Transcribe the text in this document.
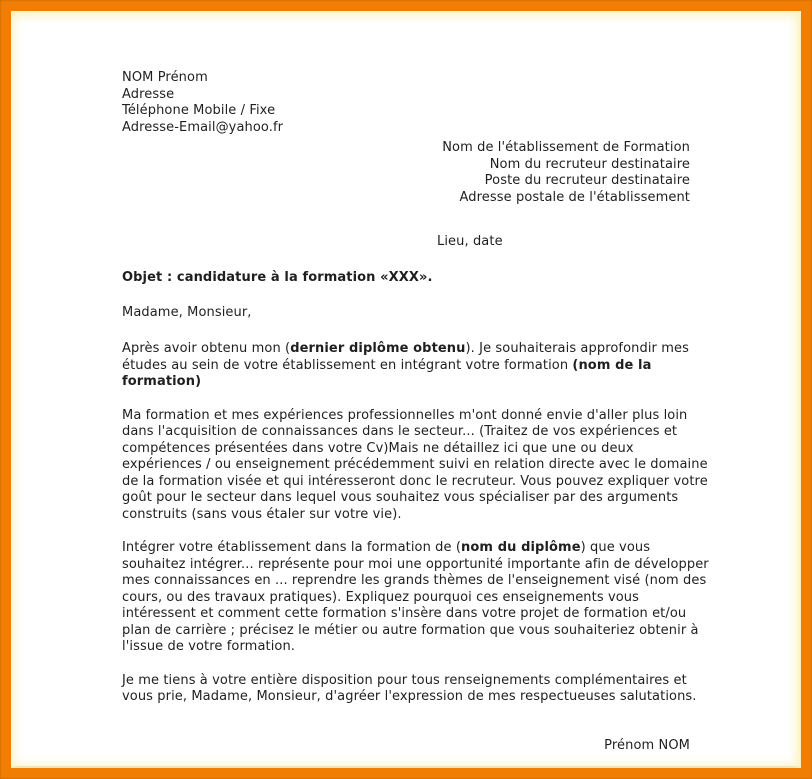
NOM Prénom
Adresse
Téléphone Mobile / Fixe
Adresse-Email@yahoo.fr
Nom de l'établissement de Formation
Nom du recruteur destinataire
Poste du recruteur destinataire
Adresse postale de l'établissement
Lieu, date
Objet : candidature à la formation «XXX».
Madame, Monsieur,

Après avoir obtenu mon (dernier diplôme obtenu). Je souhaiterais approfondir mes études au sein de votre établissement en intégrant votre formation (nom de la formation)

Ma formation et mes expériences professionnelles m'ont donné envie d'aller plus loin dans l'acquisition de connaissances dans le secteur... (Traitez de vos expériences et compétences présentées dans votre Cv)Mais ne détaillez ici que une ou deux expériences / ou enseignement précédemment suivi en relation directe avec le domaine de la formation visée et qui intéresseront donc le recruteur. Vous pouvez expliquer votre goût pour le secteur dans lequel vous souhaitez vous spécialiser par des arguments construits (sans vous étaler sur votre vie).

Intégrer votre établissement dans la formation de (nom du diplôme) que vous souhaitez intégrer... représente pour moi une opportunité importante afin de développer mes connaissances en ... reprendre les grands thèmes de l'enseignement visé (nom des cours, ou des travaux pratiques). Expliquez pourquoi ces enseignements vous intéressent et comment cette formation s'insère dans votre projet de formation et/ou plan de carrière ; précisez le métier ou autre formation que vous souhaiteriez obtenir à l'issue de votre formation.

Je me tiens à votre entière disposition pour tous renseignements complémentaires et vous prie, Madame, Monsieur, d'agréer l'expression de mes respectueuses salutations.

Prénom NOM
